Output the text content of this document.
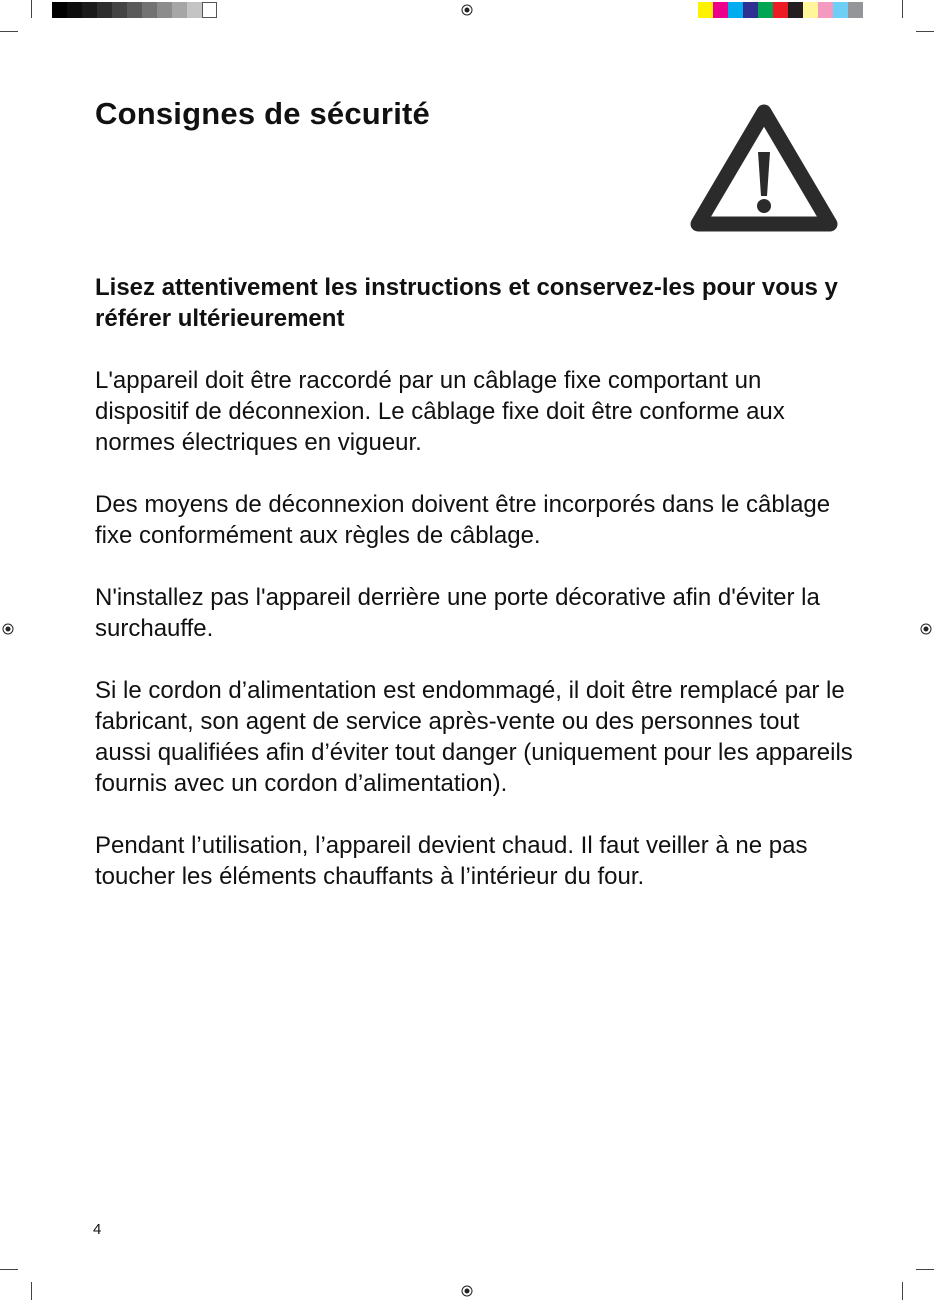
Consignes de sécurité

Lisez attentivement les instructions et conservez-les pour vous y référer ultérieurement

L'appareil doit être raccordé par un câblage fixe comportant un dispositif de déconnexion. Le câblage fixe doit être conforme aux normes électriques en vigueur.

Des moyens de déconnexion doivent être incorporés dans le câblage fixe conformément aux règles de câblage.

N'installez pas l'appareil derrière une porte décorative afin d'éviter la surchauffe.

Si le cordon d’alimentation est endommagé, il doit être remplacé par le fabricant, son agent de service après-vente ou des personnes tout aussi qualifiées afin d’éviter tout danger (uniquement pour les appareils fournis avec un cordon d’alimentation).

Pendant l’utilisation, l’appareil devient chaud. Il faut veiller à ne pas toucher les éléments chauffants à l’intérieur du four.

4
